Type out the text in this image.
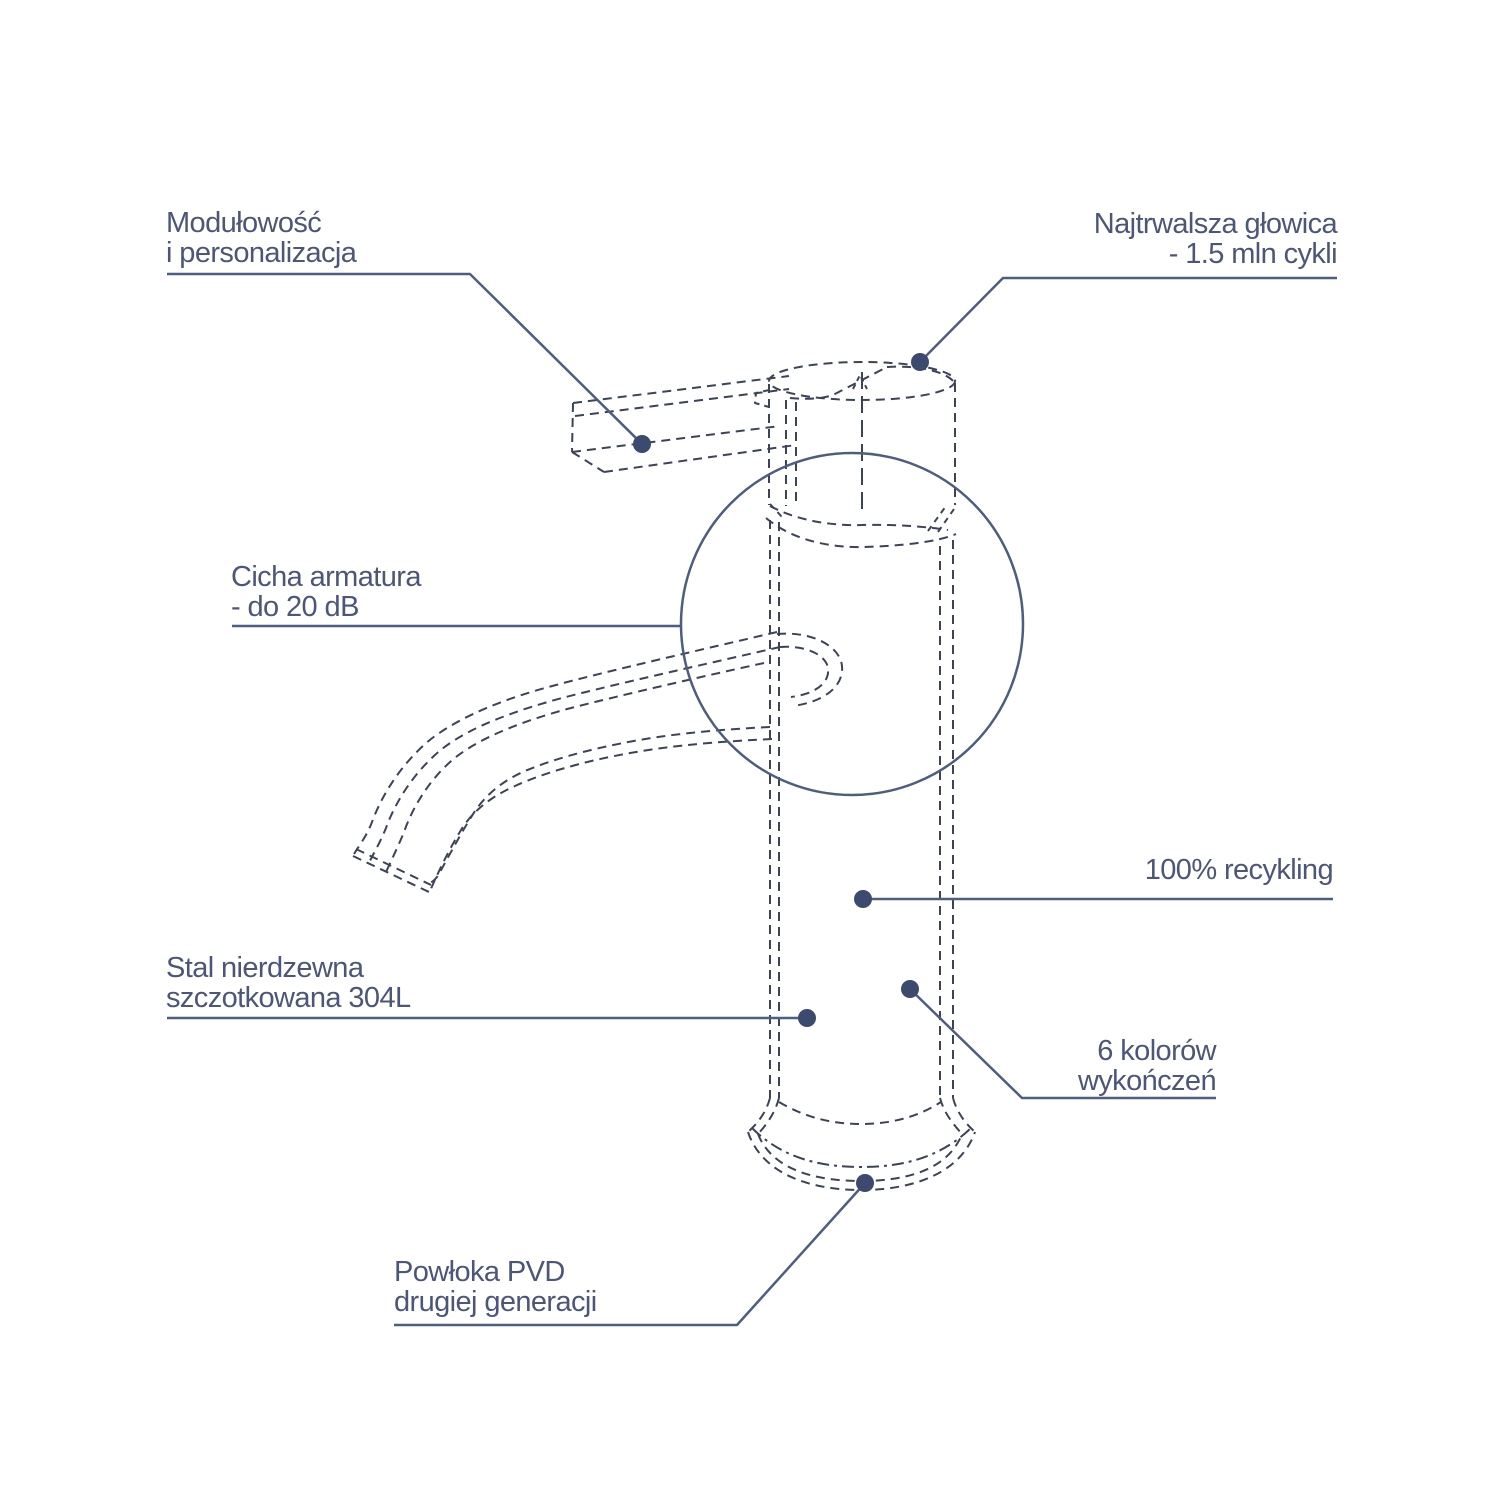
Modułowość
i personalizacja
Najtrwalsza głowica
- 1.5 mln cykli
Cicha armatura
- do 20 dB
100% recykling
Stal nierdzewna
szczotkowana 304L
6 kolorów
wykończeń
Powłoka PVD
drugiej generacji
